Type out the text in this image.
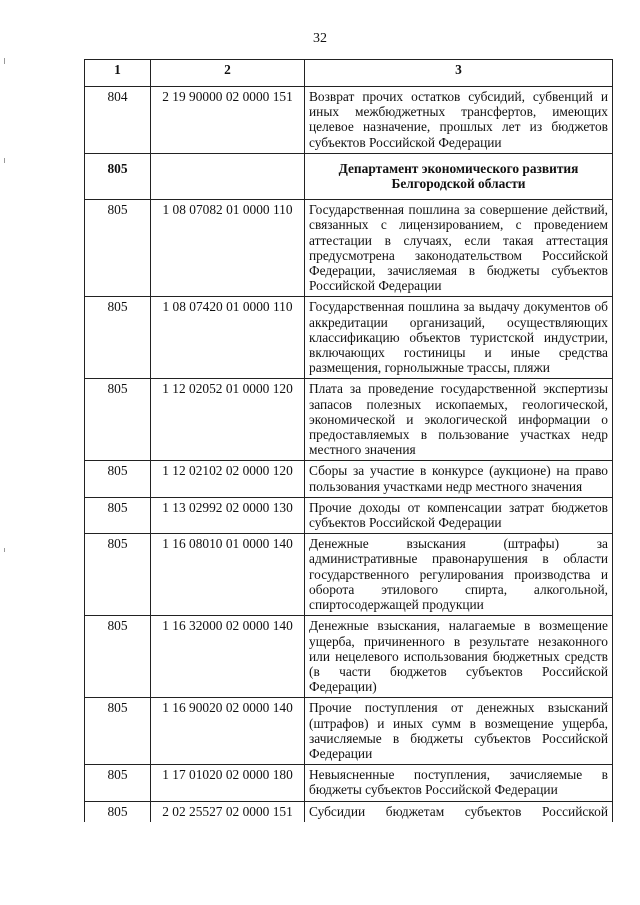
32
1	2	3
804	2 19 90000 02 0000 151	Возврат прочих остатков субсидий, субвенций и иных межбюджетных трансфертов, имеющих целевое назначение, прошлых лет из бюджетов субъектов Российской Федерации
805		Департамент экономического развития Белгородской области
805	1 08 07082 01 0000 110	Государственная пошлина за совершение действий, связанных с лицензированием, с проведением аттестации в случаях, если такая аттестация предусмотрена законодательством Российской Федерации, зачисляемая в бюджеты субъектов Российской Федерации
805	1 08 07420 01 0000 110	Государственная пошлина за выдачу документов об аккредитации организаций, осуществляющих классификацию объектов туристской индустрии, включающих гостиницы и иные средства размещения, горнолыжные трассы, пляжи
805	1 12 02052 01 0000 120	Плата за проведение государственной экспертизы запасов полезных ископаемых, геологической, экономической и экологической информации о предоставляемых в пользование участках недр местного значения
805	1 12 02102 02 0000 120	Сборы за участие в конкурсе (аукционе) на право пользования участками недр местного значения
805	1 13 02992 02 0000 130	Прочие доходы от компенсации затрат бюджетов субъектов Российской Федерации
805	1 16 08010 01 0000 140	Денежные взыскания (штрафы) за административные правонарушения в области государственного регулирования производства и оборота этилового спирта, алкогольной, спиртосодержащей продукции
805	1 16 32000 02 0000 140	Денежные взыскания, налагаемые в возмещение ущерба, причиненного в результате незаконного или нецелевого использования бюджетных средств (в части бюджетов субъектов Российской Федерации)
805	1 16 90020 02 0000 140	Прочие поступления от денежных взысканий (штрафов) и иных сумм в возмещение ущерба, зачисляемые в бюджеты субъектов Российской Федерации
805	1 17 01020 02 0000 180	Невыясненные поступления, зачисляемые в бюджеты субъектов Российской Федерации
805	2 02 25527 02 0000 151	Субсидии бюджетам субъектов Российской
